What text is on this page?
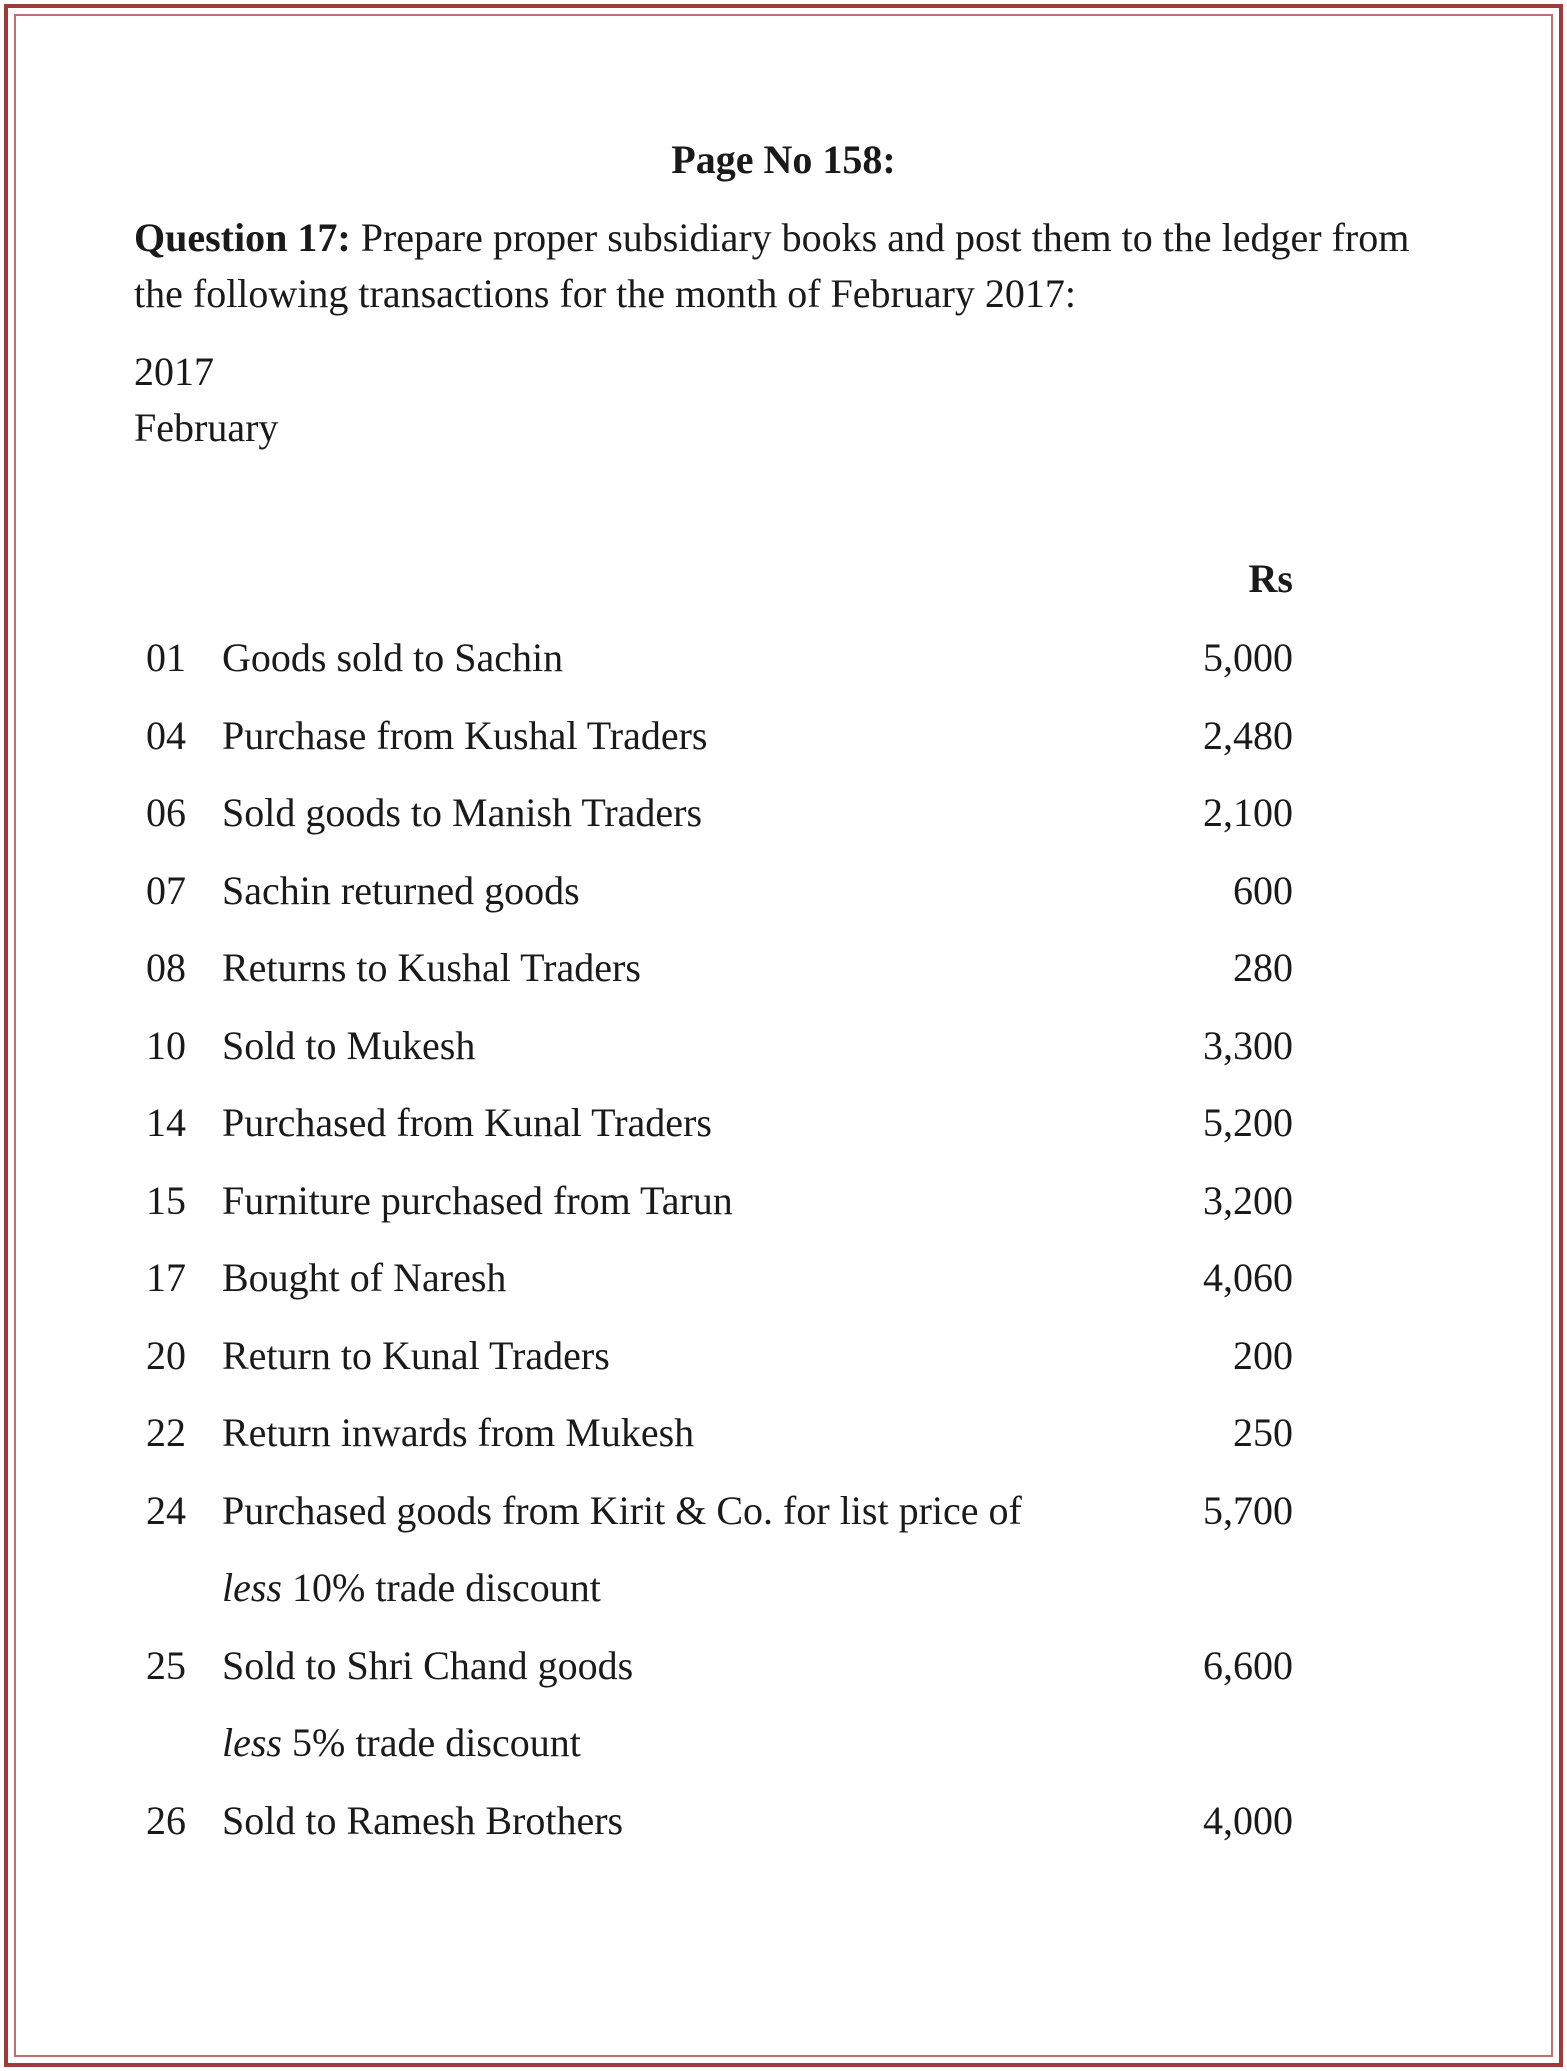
Page No 158:
Question 17: Prepare proper subsidiary books and post them to the ledger from the following transactions for the month of February 2017:
2017
February
Rs
01 Goods sold to Sachin	5,000
04 Purchase from Kushal Traders	2,480
06 Sold goods to Manish Traders	2,100
07 Sachin returned goods	600
08 Returns to Kushal Traders	280
10 Sold to Mukesh	3,300
14 Purchased from Kunal Traders	5,200
15 Furniture purchased from Tarun	3,200
17 Bought of Naresh	4,060
20 Return to Kunal Traders	200
22 Return inwards from Mukesh	250
24 Purchased goods from Kirit & Co. for list price of	5,700
less 10% trade discount
25 Sold to Shri Chand goods	6,600
less 5% trade discount
26 Sold to Ramesh Brothers	4,000
